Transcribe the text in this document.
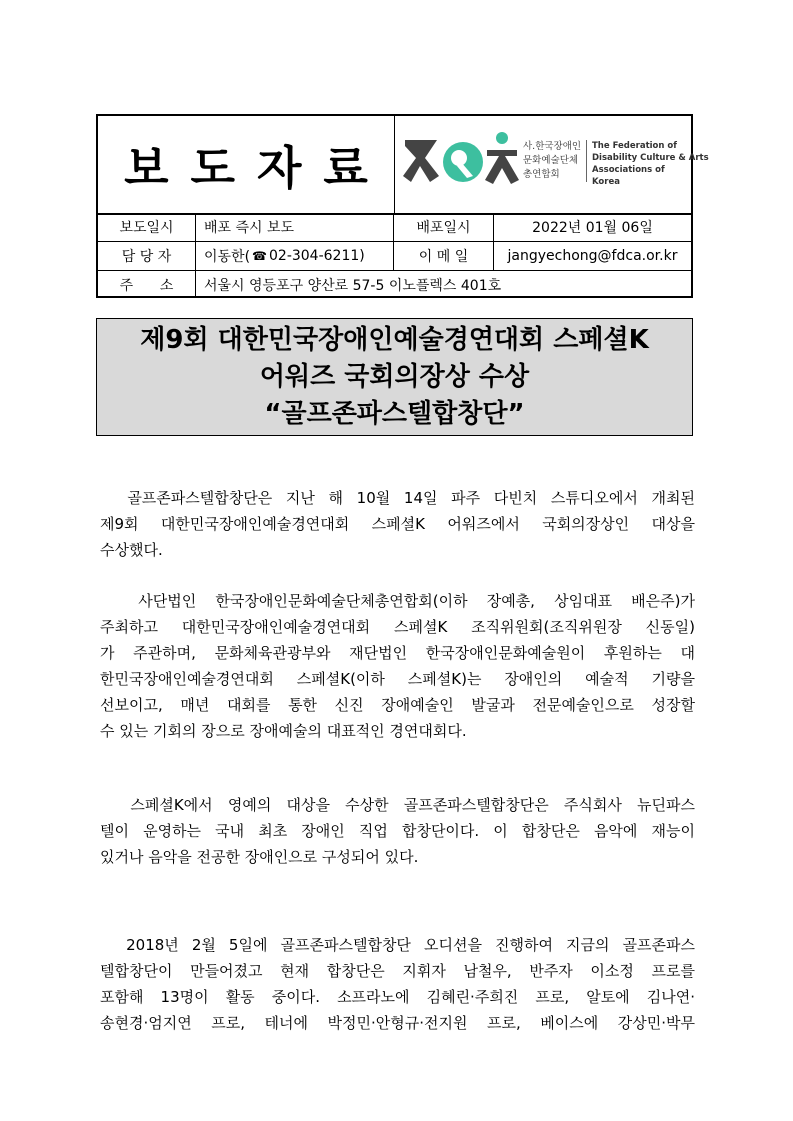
보도자료	사.한국장애인
문화예술단체
총연합회
The Federation of
Disability Culture & Arts
Associations of
Korea
보도일시	배포 즉시 보도	배포일시	2022년 01월 06일
담 당 자	이동한( ☎ 02-304-6211)	이 메 일	jangyechong@fdca.or.kr
주      소	서울시 영등포구 양산로 57-5 이노플렉스 401호
제9회 대한민국장애인예술경연대회 스페셜K
어워즈 국회의장상 수상
“골프존파스텔합창단”
골프존파스텔합창단은 지난 해 10월 14일 파주 다빈치 스튜디오에서 개최된
제9회 대한민국장애인예술경연대회 스페셜K 어워즈에서 국회의장상인 대상을
수상했다.
사단법인 한국장애인문화예술단체총연합회(이하 장예총, 상임대표 배은주)가
주최하고 대한민국장애인예술경연대회 스페셜K 조직위원회(조직위원장 신동일)
가 주관하며, 문화체육관광부와 재단법인 한국장애인문화예술원이 후원하는 대
한민국장애인예술경연대회 스페셜K(이하 스페셜K)는 장애인의 예술적 기량을
선보이고, 매년 대회를 통한 신진 장애예술인 발굴과 전문예술인으로 성장할
수 있는 기회의 장으로 장애예술의 대표적인 경연대회다.
스페셜K에서 영예의 대상을 수상한 골프존파스텔합창단은 주식회사 뉴딘파스
텔이 운영하는 국내 최초 장애인 직업 합창단이다. 이 합창단은 음악에 재능이
있거나 음악을 전공한 장애인으로 구성되어 있다.
2018년 2월 5일에 골프존파스텔합창단 오디션을 진행하여 지금의 골프존파스
텔합창단이 만들어졌고 현재 합창단은 지휘자 남철우, 반주자 이소정 프로를
포함해 13명이 활동 중이다. 소프라노에 김혜린·주희진 프로, 알토에 김나연·
송현경·엄지연 프로, 테너에 박정민·안형규·전지원 프로, 베이스에 강상민·박무
